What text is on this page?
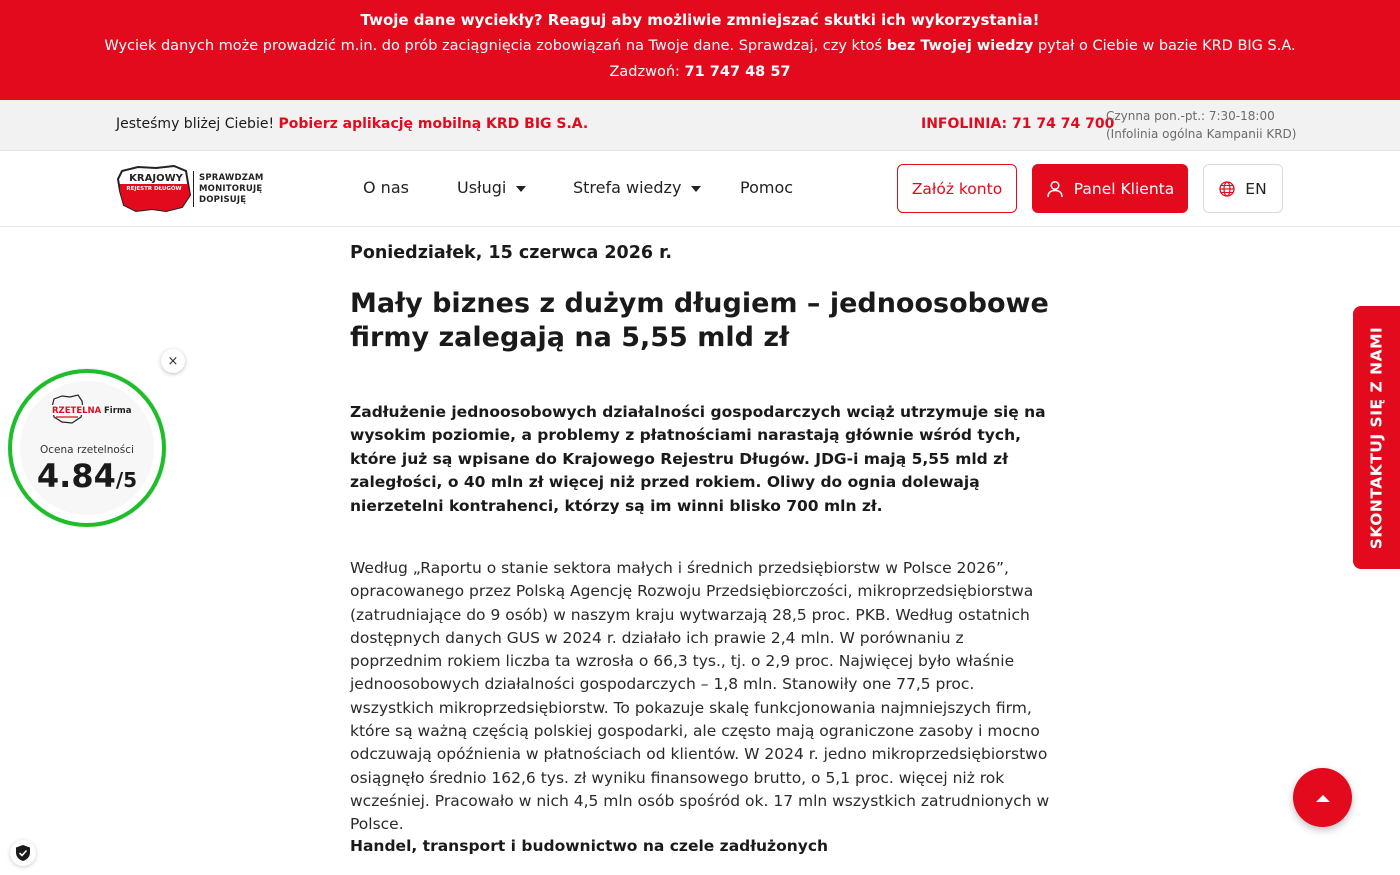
Twoje dane wyciekły? Reaguj aby możliwie zmniejszać skutki ich wykorzystania!
Wyciek danych może prowadzić m.in. do prób zaciągnięcia zobowiązań na Twoje dane. Sprawdzaj, czy ktoś bez Twojej wiedzy pytał o Ciebie w bazie KRD BIG S.A.
Zadzwoń: 71 747 48 57
Jesteśmy bliżej Ciebie! Pobierz aplikację mobilną KRD BIG S.A.	INFOLINIA: 71 74 74 700
Czynna pon.-pt.: 7:30-18:00
(Infolinia ogólna Kampanii KRD)
KRAJOWY
REJESTR DŁUGÓW
SPRAWDZAM
MONITORUJĘ
DOPISUJĘ
O nas	Usługi	Strefa wiedzy	Pomoc	Załóż konto	Panel Klienta	EN
Poniedziałek, 15 czerwca 2026 r.
Mały biznes z dużym długiem – jednoosobowe firmy zalegają na 5,55 mld zł

Zadłużenie jednoosobowych działalności gospodarczych wciąż utrzymuje się na wysokim poziomie, a problemy z płatnościami narastają głównie wśród tych, które już są wpisane do Krajowego Rejestru Długów. JDG-i mają 5,55 mld zł zaległości, o 40 mln zł więcej niż przed rokiem. Oliwy do ognia dolewają nierzetelni kontrahenci, którzy są im winni blisko 700 mln zł.

Według „Raportu o stanie sektora małych i średnich przedsiębiorstw w Polsce 2026”, opracowanego przez Polską Agencję Rozwoju Przedsiębiorczości, mikroprzedsiębiorstwa (zatrudniające do 9 osób) w naszym kraju wytwarzają 28,5 proc. PKB. Według ostatnich dostępnych danych GUS w 2024 r. działało ich prawie 2,4 mln. W porównaniu z poprzednim rokiem liczba ta wzrosła o 66,3 tys., tj. o 2,9 proc. Najwięcej było właśnie jednoosobowych działalności gospodarczych – 1,8 mln. Stanowiły one 77,5 proc. wszystkich mikroprzedsiębiorstw. To pokazuje skalę funkcjonowania najmniejszych firm, które są ważną częścią polskiej gospodarki, ale często mają ograniczone zasoby i mocno odczuwają opóźnienia w płatnościach od klientów. W 2024 r. jedno mikroprzedsiębiorstwo osiągnęło średnio 162,6 tys. zł wyniku finansowego brutto, o 5,1 proc. więcej niż rok wcześniej. Pracowało w nich 4,5 mln osób spośród ok. 17 mln wszystkich zatrudnionych w Polsce.

Handel, transport i budownictwo na czele zadłużonych
RZETELNA Firma
Ocena rzetelności
4.84/5
×	SKONTAKTUJ SIĘ Z NAMI
